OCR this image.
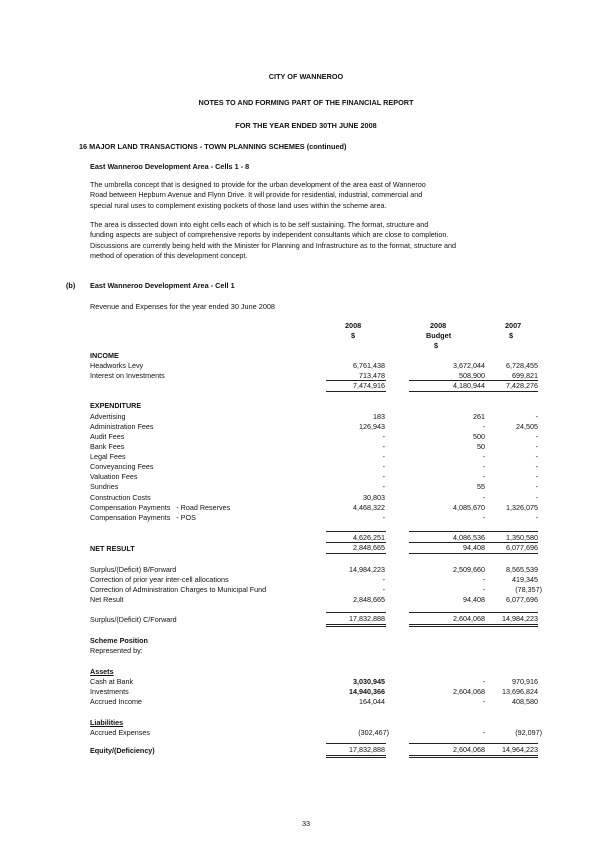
CITY OF WANNEROO
NOTES TO AND FORMING PART OF THE FINANCIAL REPORT
FOR THE YEAR ENDED 30TH JUNE 2008
16 MAJOR LAND TRANSACTIONS - TOWN PLANNING SCHEMES (continued)
East Wanneroo Development Area - Cells 1 - 8
The umbrella concept that is designed to provide for the urban development of the area east of Wanneroo
Road between Hepburn Avenue and Flynn Drive. It will provide for residential, industrial, commercial and
special rural uses to complement existing pockets of those land uses within the scheme area.
The area is dissected down into eight cells each of which is to be self sustaining. The format, structure and
funding aspects are subject of comprehensive reports by independent consultants which are close to completion.
Discussions are currently being held with the Minister for Planning and Infrastructure as to the format, structure and
method of operation of this development concept.
(b) East Wanneroo Development Area - Cell 1
Revenue and Expenses for the year ended 30 June 2008
2008
$
2008
Budget
$
2007
$
INCOME
Headworks Levy	6,761,438	3,672,044	6,728,455
Interest on Investments	713,478	508,900	699,821
7,474,916	4,180,944	7,428,276
EXPENDITURE
Advertising	183	261	-
Administration Fees	126,943	-	24,505
Audit Fees	-	500	-
Bank Fees	-	50	-
Legal Fees	-	-	-
Conveyancing Fees	-	-	-
Valuation Fees	-	-	-
Sundries	-	55	-
Construction Costs	30,803	-	-
Compensation Payments   - Road Reserves	4,468,322	4,085,670	1,326,075
Compensation Payments   - POS	-	-	-
4,626,251	4,086,536	1,350,580
NET RESULT	2,848,665	94,408	6,077,696
Surplus/(Deficit) B/Forward	14,984,223	2,509,660	8,565,539
Correction of prior year inter-cell allocations	-	-	419,345
Correction of Administration Charges to Municipal Fund	-	-	(78,357)
Net Result	2,848,665	94,408	6,077,696
Surplus/(Deficit) C/Forward	17,832,888	2,604,068	14,984,223
Scheme Position
Represented by:
Assets
Cash at Bank	3,030,945	-	970,916
Investments	14,940,366	2,604,068	13,696,824
Accrued Income	164,044	-	408,580
Liabilities
Accrued Expenses	(302,467)	-	(92,097)
Equity/(Deficiency)	17,832,888	2,604,068	14,964,223
33
